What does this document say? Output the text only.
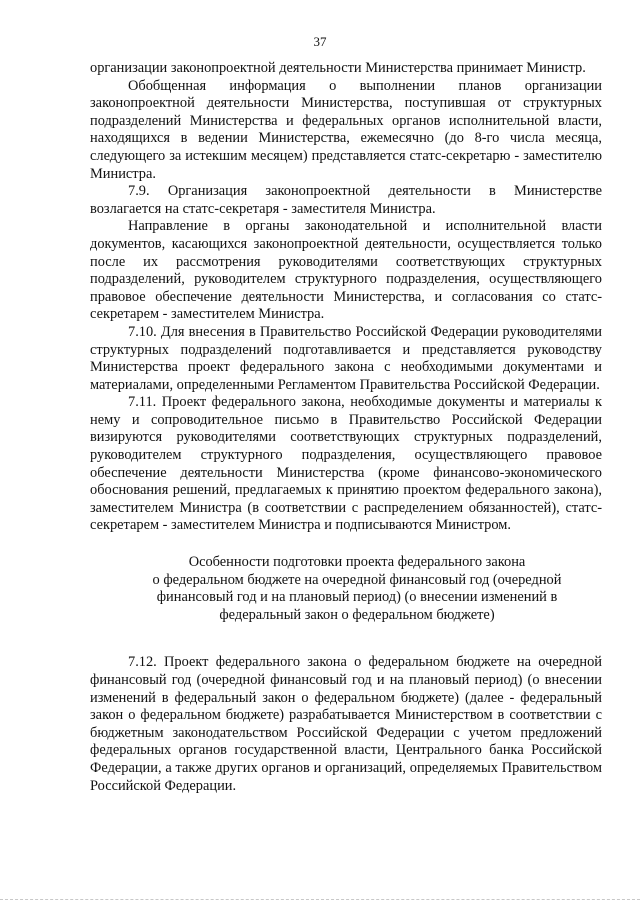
37

организации законопроектной деятельности Министерства принимает Министр.

Обобщенная информация о выполнении планов организации законопроектной деятельности Министерства, поступившая от структурных подразделений Министерства и федеральных органов исполнительной власти, находящихся в ведении Министерства, ежемесячно (до 8-го числа месяца, следующего за истекшим месяцем) представляется статс-секретарю - заместителю Министра.

7.9. Организация законопроектной деятельности в Министерстве возлагается на статс-секретаря - заместителя Министра.

Направление в органы законодательной и исполнительной власти документов, касающихся законопроектной деятельности, осуществляется только после их рассмотрения руководителями соответствующих структурных подразделений, руководителем структурного подразделения, осуществляющего правовое обеспечение деятельности Министерства, и согласования со статс-секретарем - заместителем Министра.

7.10. Для внесения в Правительство Российской Федерации руководителями структурных подразделений подготавливается и представляется руководству Министерства проект федерального закона с необходимыми документами и материалами, определенными Регламентом Правительства Российской Федерации.

7.11. Проект федерального закона, необходимые документы и материалы к нему и сопроводительное письмо в Правительство Российской Федерации визируются руководителями соответствующих структурных подразделений, руководителем структурного подразделения, осуществляющего правовое обеспечение деятельности Министерства (кроме финансово-экономического обоснования решений, предлагаемых к принятию проектом федерального закона), заместителем Министра (в соответствии с распределением обязанностей), статс-секретарем - заместителем Министра и подписываются Министром.

Особенности подготовки проекта федерального закона
о федеральном бюджете на очередной финансовый год (очередной
финансовый год и на плановый период) (о внесении изменений в
федеральный закон о федеральном бюджете)

7.12. Проект федерального закона о федеральном бюджете на очередной финансовый год (очередной финансовый год и на плановый период) (о внесении изменений в федеральный закон о федеральном бюджете) (далее - федеральный закон о федеральном бюджете) разрабатывается Министерством в соответствии с бюджетным законодательством Российской Федерации с учетом предложений федеральных органов государственной власти, Центрального банка Российской Федерации, а также других органов и организаций, определяемых Правительством Российской Федерации.
